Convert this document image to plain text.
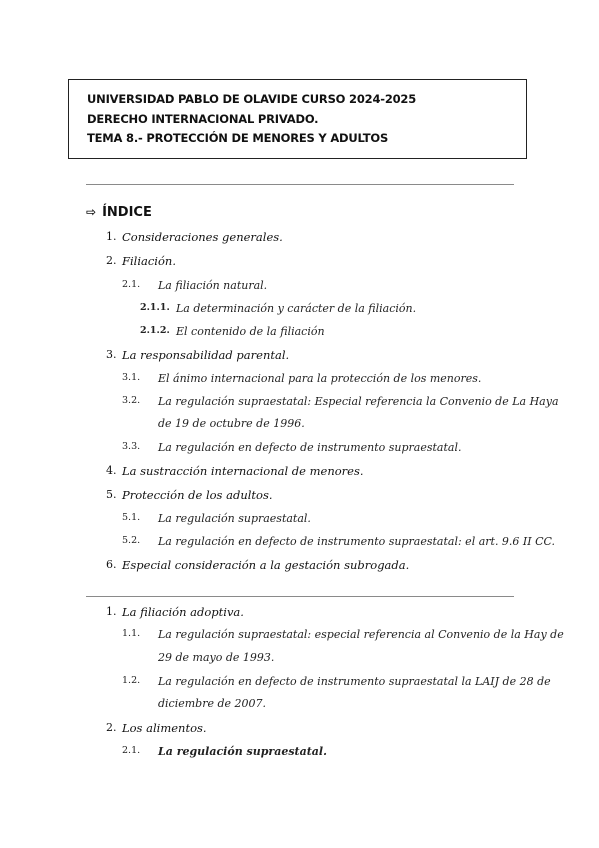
UNIVERSIDAD PABLO DE OLAVIDE CURSO 2024-2025
DERECHO INTERNACIONAL PRIVADO.
TEMA 8.- PROTECCIÓN DE MENORES Y ADULTOS
⇨ ÍNDICE
1. Consideraciones generales.
2. Filiación.
2.1. La filiación natural.
2.1.1. La determinación y carácter de la filiación.
2.1.2. El contenido de la filiación
3. La responsabilidad parental.
3.1. El ánimo internacional para la protección de los menores.
3.2. La regulación supraestatal: Especial referencia la Convenio de La Haya
de 19 de octubre de 1996.
3.3. La regulación en defecto de instrumento supraestatal.
4. La sustracción internacional de menores.
5. Protección de los adultos.
5.1. La regulación supraestatal.
5.2. La regulación en defecto de instrumento supraestatal: el art. 9.6 II CC.
6. Especial consideración a la gestación subrogada.
1. La filiación adoptiva.
1.1. La regulación supraestatal: especial referencia al Convenio de la Hay de
29 de mayo de 1993.
1.2. La regulación en defecto de instrumento supraestatal la LAIJ de 28 de
diciembre de 2007.
2. Los alimentos.
2.1. La regulación supraestatal.
